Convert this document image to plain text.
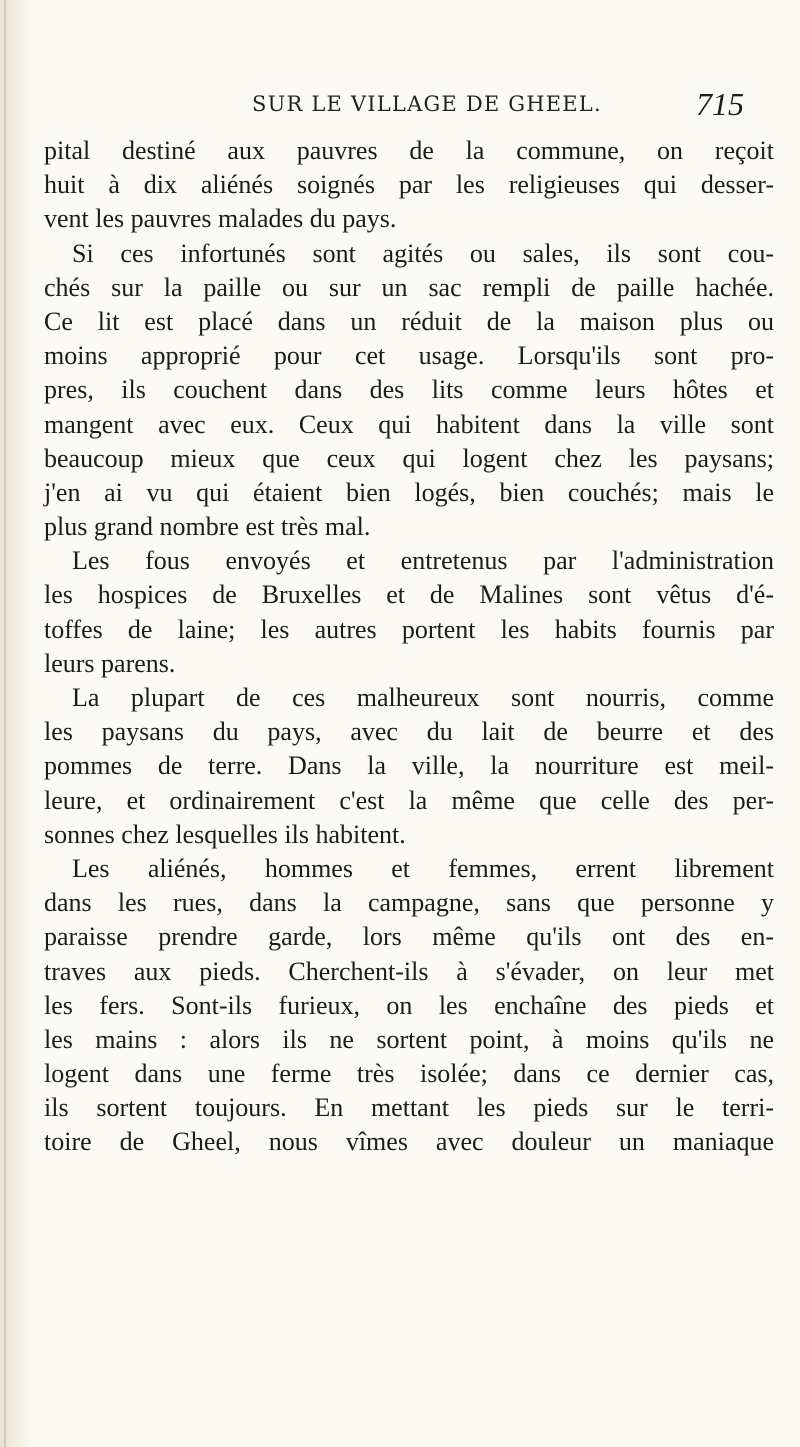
SUR LE VILLAGE DE GHEEL.	715
pital destiné aux pauvres de la commune, on reçoit
huit à dix aliénés soignés par les religieuses qui desser-
vent les pauvres malades du pays.
Si ces infortunés sont agités ou sales, ils sont cou-
chés sur la paille ou sur un sac rempli de paille hachée.
Ce lit est placé dans un réduit de la maison plus ou
moins approprié pour cet usage. Lorsqu'ils sont pro-
pres, ils couchent dans des lits comme leurs hôtes et
mangent avec eux. Ceux qui habitent dans la ville sont
beaucoup mieux que ceux qui logent chez les paysans;
j'en ai vu qui étaient bien logés, bien couchés; mais le
plus grand nombre est très mal.
Les fous envoyés et entretenus par l'administration
les hospices de Bruxelles et de Malines sont vêtus d'é-
toffes de laine; les autres portent les habits fournis par
leurs parens.
La plupart de ces malheureux sont nourris, comme
les paysans du pays, avec du lait de beurre et des
pommes de terre. Dans la ville, la nourriture est meil-
leure, et ordinairement c'est la même que celle des per-
sonnes chez lesquelles ils habitent.
Les aliénés, hommes et femmes, errent librement
dans les rues, dans la campagne, sans que personne y
paraisse prendre garde, lors même qu'ils ont des en-
traves aux pieds. Cherchent-ils à s'évader, on leur met
les fers. Sont-ils furieux, on les enchaîne des pieds et
les mains : alors ils ne sortent point, à moins qu'ils ne
logent dans une ferme très isolée; dans ce dernier cas,
ils sortent toujours. En mettant les pieds sur le terri-
toire de Gheel, nous vîmes avec douleur un maniaque
